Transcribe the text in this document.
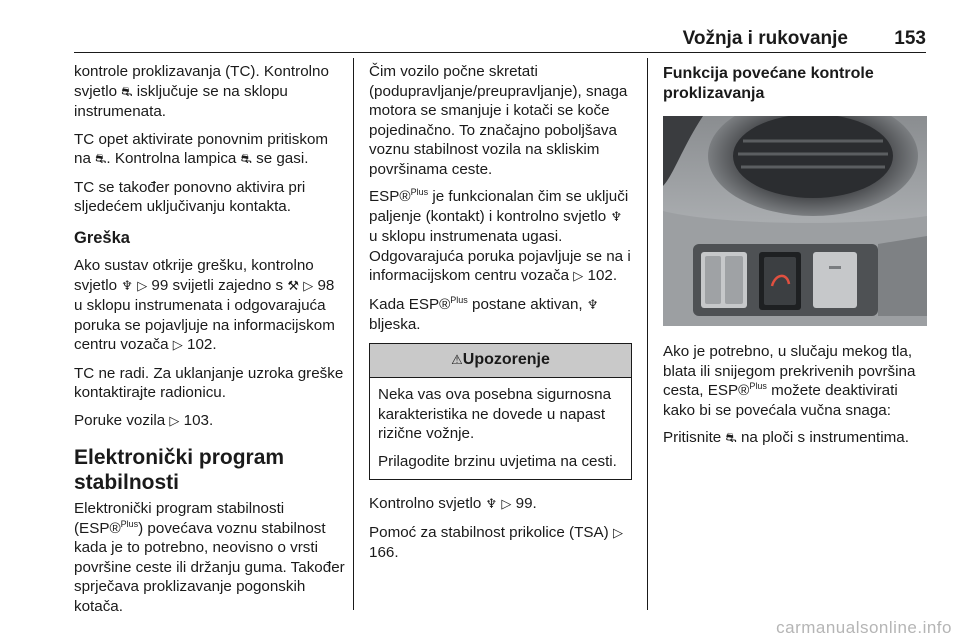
Vožnja i rukovanje 153

kontrole proklizavanja (TC). Kontrolno svjetlo ⛐ isključuje se na sklopu instrumenata.

TC opet aktivirate ponovnim pritiskom na ⛐. Kontrolna lampica ⛐ se gasi.

TC se također ponovno aktivira pri sljedećem uključivanju kontakta.

Greška

Ako sustav otkrije grešku, kontrolno svjetlo ♆ ▷ 99 svijetli zajedno s ⚒ ▷ 98 u sklopu instrumenata i odgovarajuća poruka se pojavljuje na informacijskom centru vozača ▷ 102.

TC ne radi. Za uklanjanje uzroka greške kontaktirajte radionicu.

Poruke vozila ▷ 103.

Elektronički program stabilnosti

Elektronički program stabilnosti (ESP®$^{Plus}$) povećava voznu stabilnost kada je to potrebno, neovisno o vrsti površine ceste ili držanju guma. Također sprječava proklizavanje pogonskih kotača.

Čim vozilo počne skretati (podupravljanje/preupravljanje), snaga motora se smanjuje i kotači se koče pojedinačno. To značajno poboljšava voznu stabilnost vozila na skliskim površinama ceste.

ESP®$^{Plus}$ je funkcionalan čim se uključi paljenje (kontakt) i kontrolno svjetlo ♆ u sklopu instrumenata ugasi. Odgovarajuća poruka pojavljuje se na i informacijskom centru vozača ▷ 102.

Kada ESP®$^{Plus}$ postane aktivan, ♆ bljeska.

⚠Upozorenje

Neka vas ova posebna sigurnosna karakteristika ne dovede u napast rizične vožnje.

Prilagodite brzinu uvjetima na cesti.

Kontrolno svjetlo ♆ ▷ 99.

Pomoć za stabilnost prikolice (TSA) ▷ 166.

Funkcija povećane kontrole proklizavanja

Ako je potrebno, u slučaju mekog tla, blata ili snijegom prekrivenih površina cesta, ESP®$^{Plus}$ možete deaktivirati kako bi se povećala vučna snaga:

Pritisnite ⛐ na ploči s instrumentima.

carmanualsonline.info
